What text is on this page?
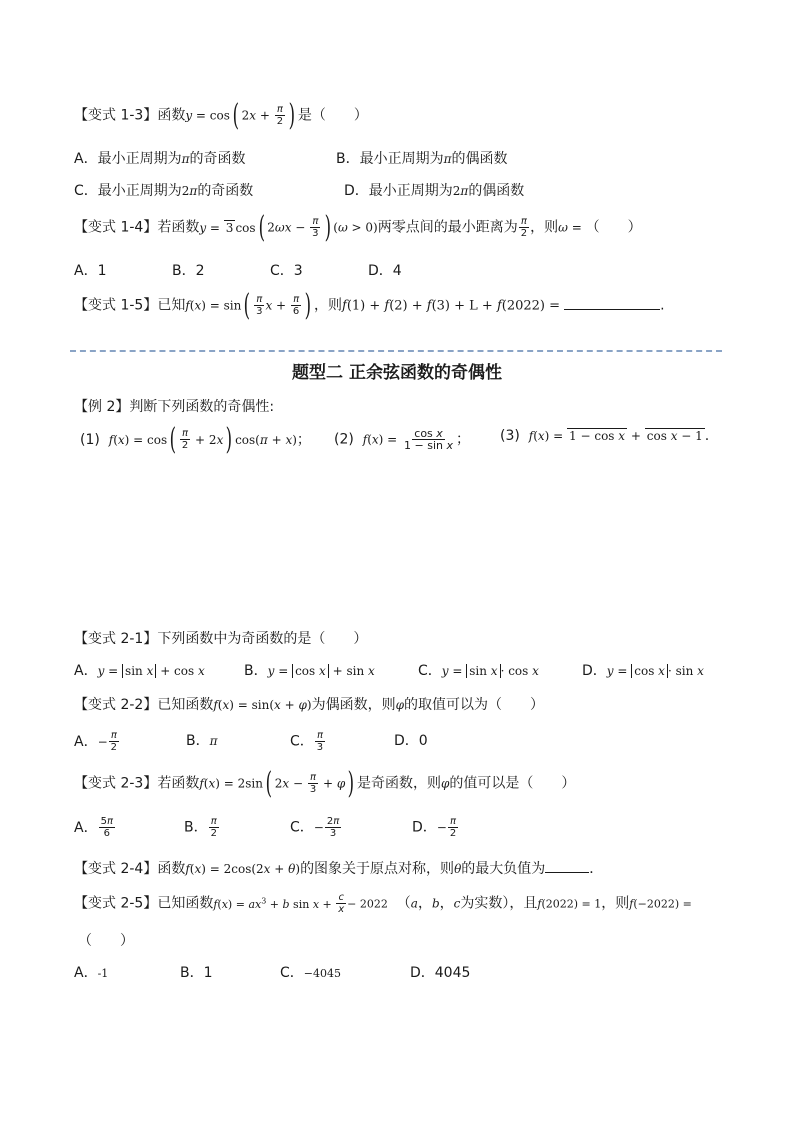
【变式 1-3】函数y = cos( $2x + \frac{\pi}{2}$ ) 是（　　）
A．最小正周期为π的奇函数	B．最小正周期为π的偶函数
C．最小正周期为2π的奇函数	D．最小正周期为2π的偶函数
【变式 1-4】若函数y = 3 cos( $2\omega x - \frac{\pi}{3}$ ) (ω > 0)两零点间的最小距离为 $\frac{\pi}{2}$ ，则ω = （　　）
A．1	B．2	C．3	D．4
【变式 1-5】已知$f(x) = \sin( \frac{\pi}{3}$ $x + \frac{\pi}{6}$ ) ，则f(1) + f(2) + f(3) + L + f(2022) =	.
题型二 正余弦函数的奇偶性
【例 2】判断下列函数的奇偶性:
(1) $f(x) = \cos( \frac{\pi}{2} + 2x)$ cos(π + x)； (2) $f(x) = \frac{\text{cos x}}{\text{1 − sin x}}$ ； (3) f(x) = 1 − cos x + cos x − 1 .
【变式 2-1】下列函数中为奇函数的是（　　）
A．y = sin x + cos x	B．y = cos x + sin x	C．y = sin x · cos x	D．y = cos x · sin x
【变式 2-2】已知函数f(x) = sin(x + φ)为偶函数，则φ的取值可以为（　　）
A．− $\frac{\pi}{2}$	B．π	C． $\frac{\pi}{3}$	D．0
【变式 2-3】若函数f(x) = 2sin( $2x - \frac{\pi}{3} + \varphi$) 是奇函数，则φ的值可以是（　　）
A． $\frac{5\pi}{6}$	B． $\frac{\pi}{2}$	C．− $\frac{2\pi}{3}$	D．− $\frac{\pi}{2}$
【变式 2-4】函数f(x) = 2cos(2x + θ)的图象关于原点对称，则θ的最大负值为	．
【变式 2-5】已知函数$f(x) = ax^3 + b$ $\sin x + \frac{c}{x} - 2022$ （a，b，c为实数），且f(2022) = 1，则f(−2022) =
（　　）
A．-1	B．1	C．−4045	D．4045
